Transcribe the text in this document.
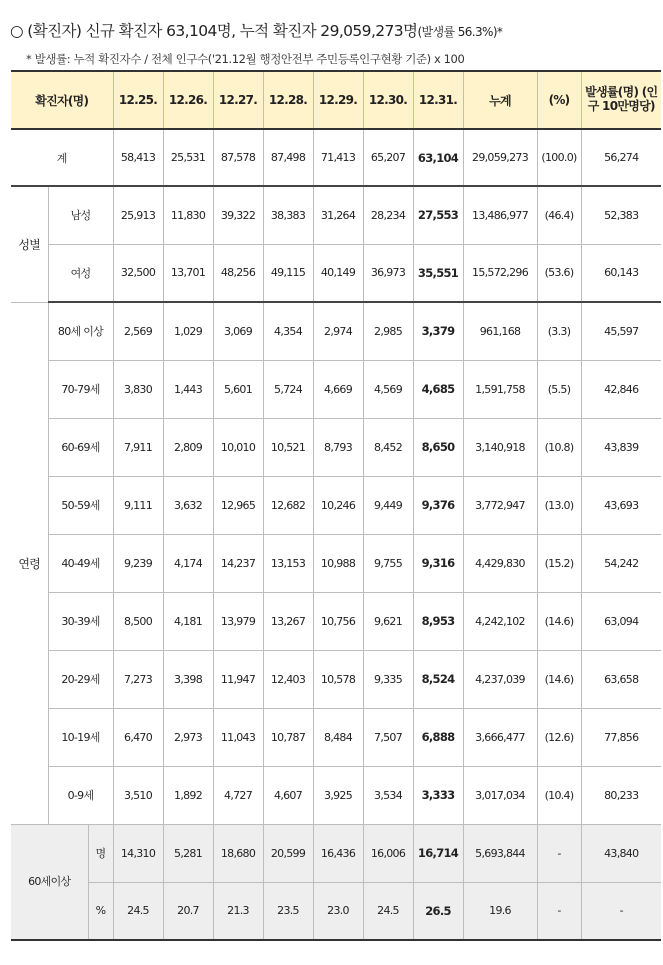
○ (확진자) 신규 확진자 63,104명, 누적 확진자 29,059,273명(발생률 56.3%)*
* 발생률: 누적 확진자수 / 전체 인구수('21.12월 행정안전부 주민등록인구현황 기준) x 100
확진자(명)			12.25.	12.26.	12.27.	12.28.	12.29.	12.30.	12.31.	누계	(%)	발생률(명) (인구 10만명당)
계			58,413	25,531	87,578	87,498	71,413	65,207	63,104	29,059,273	(100.0)	56,274
성별	남성		25,913	11,830	39,322	38,383	31,264	28,234	27,553	13,486,977	(46.4)	52,383
	여성		32,500	13,701	48,256	49,115	40,149	36,973	35,551	15,572,296	(53.6)	60,143
연령	80세 이상		2,569	1,029	3,069	4,354	2,974	2,985	3,379	961,168	(3.3)	45,597
	70-79세		3,830	1,443	5,601	5,724	4,669	4,569	4,685	1,591,758	(5.5)	42,846
	60-69세		7,911	2,809	10,010	10,521	8,793	8,452	8,650	3,140,918	(10.8)	43,839
	50-59세		9,111	3,632	12,965	12,682	10,246	9,449	9,376	3,772,947	(13.0)	43,693
	40-49세		9,239	4,174	14,237	13,153	10,988	9,755	9,316	4,429,830	(15.2)	54,242
	30-39세		8,500	4,181	13,979	13,267	10,756	9,621	8,953	4,242,102	(14.6)	63,094
	20-29세		7,273	3,398	11,947	12,403	10,578	9,335	8,524	4,237,039	(14.6)	63,658
	10-19세		6,470	2,973	11,043	10,787	8,484	7,507	6,888	3,666,477	(12.6)	77,856
	0-9세		3,510	1,892	4,727	4,607	3,925	3,534	3,333	3,017,034	(10.4)	80,233
60세이상		명	14,310	5,281	18,680	20,599	16,436	16,006	16,714	5,693,844	-	43,840
		%	24.5	20.7	21.3	23.5	23.0	24.5	26.5	19.6	-	-
